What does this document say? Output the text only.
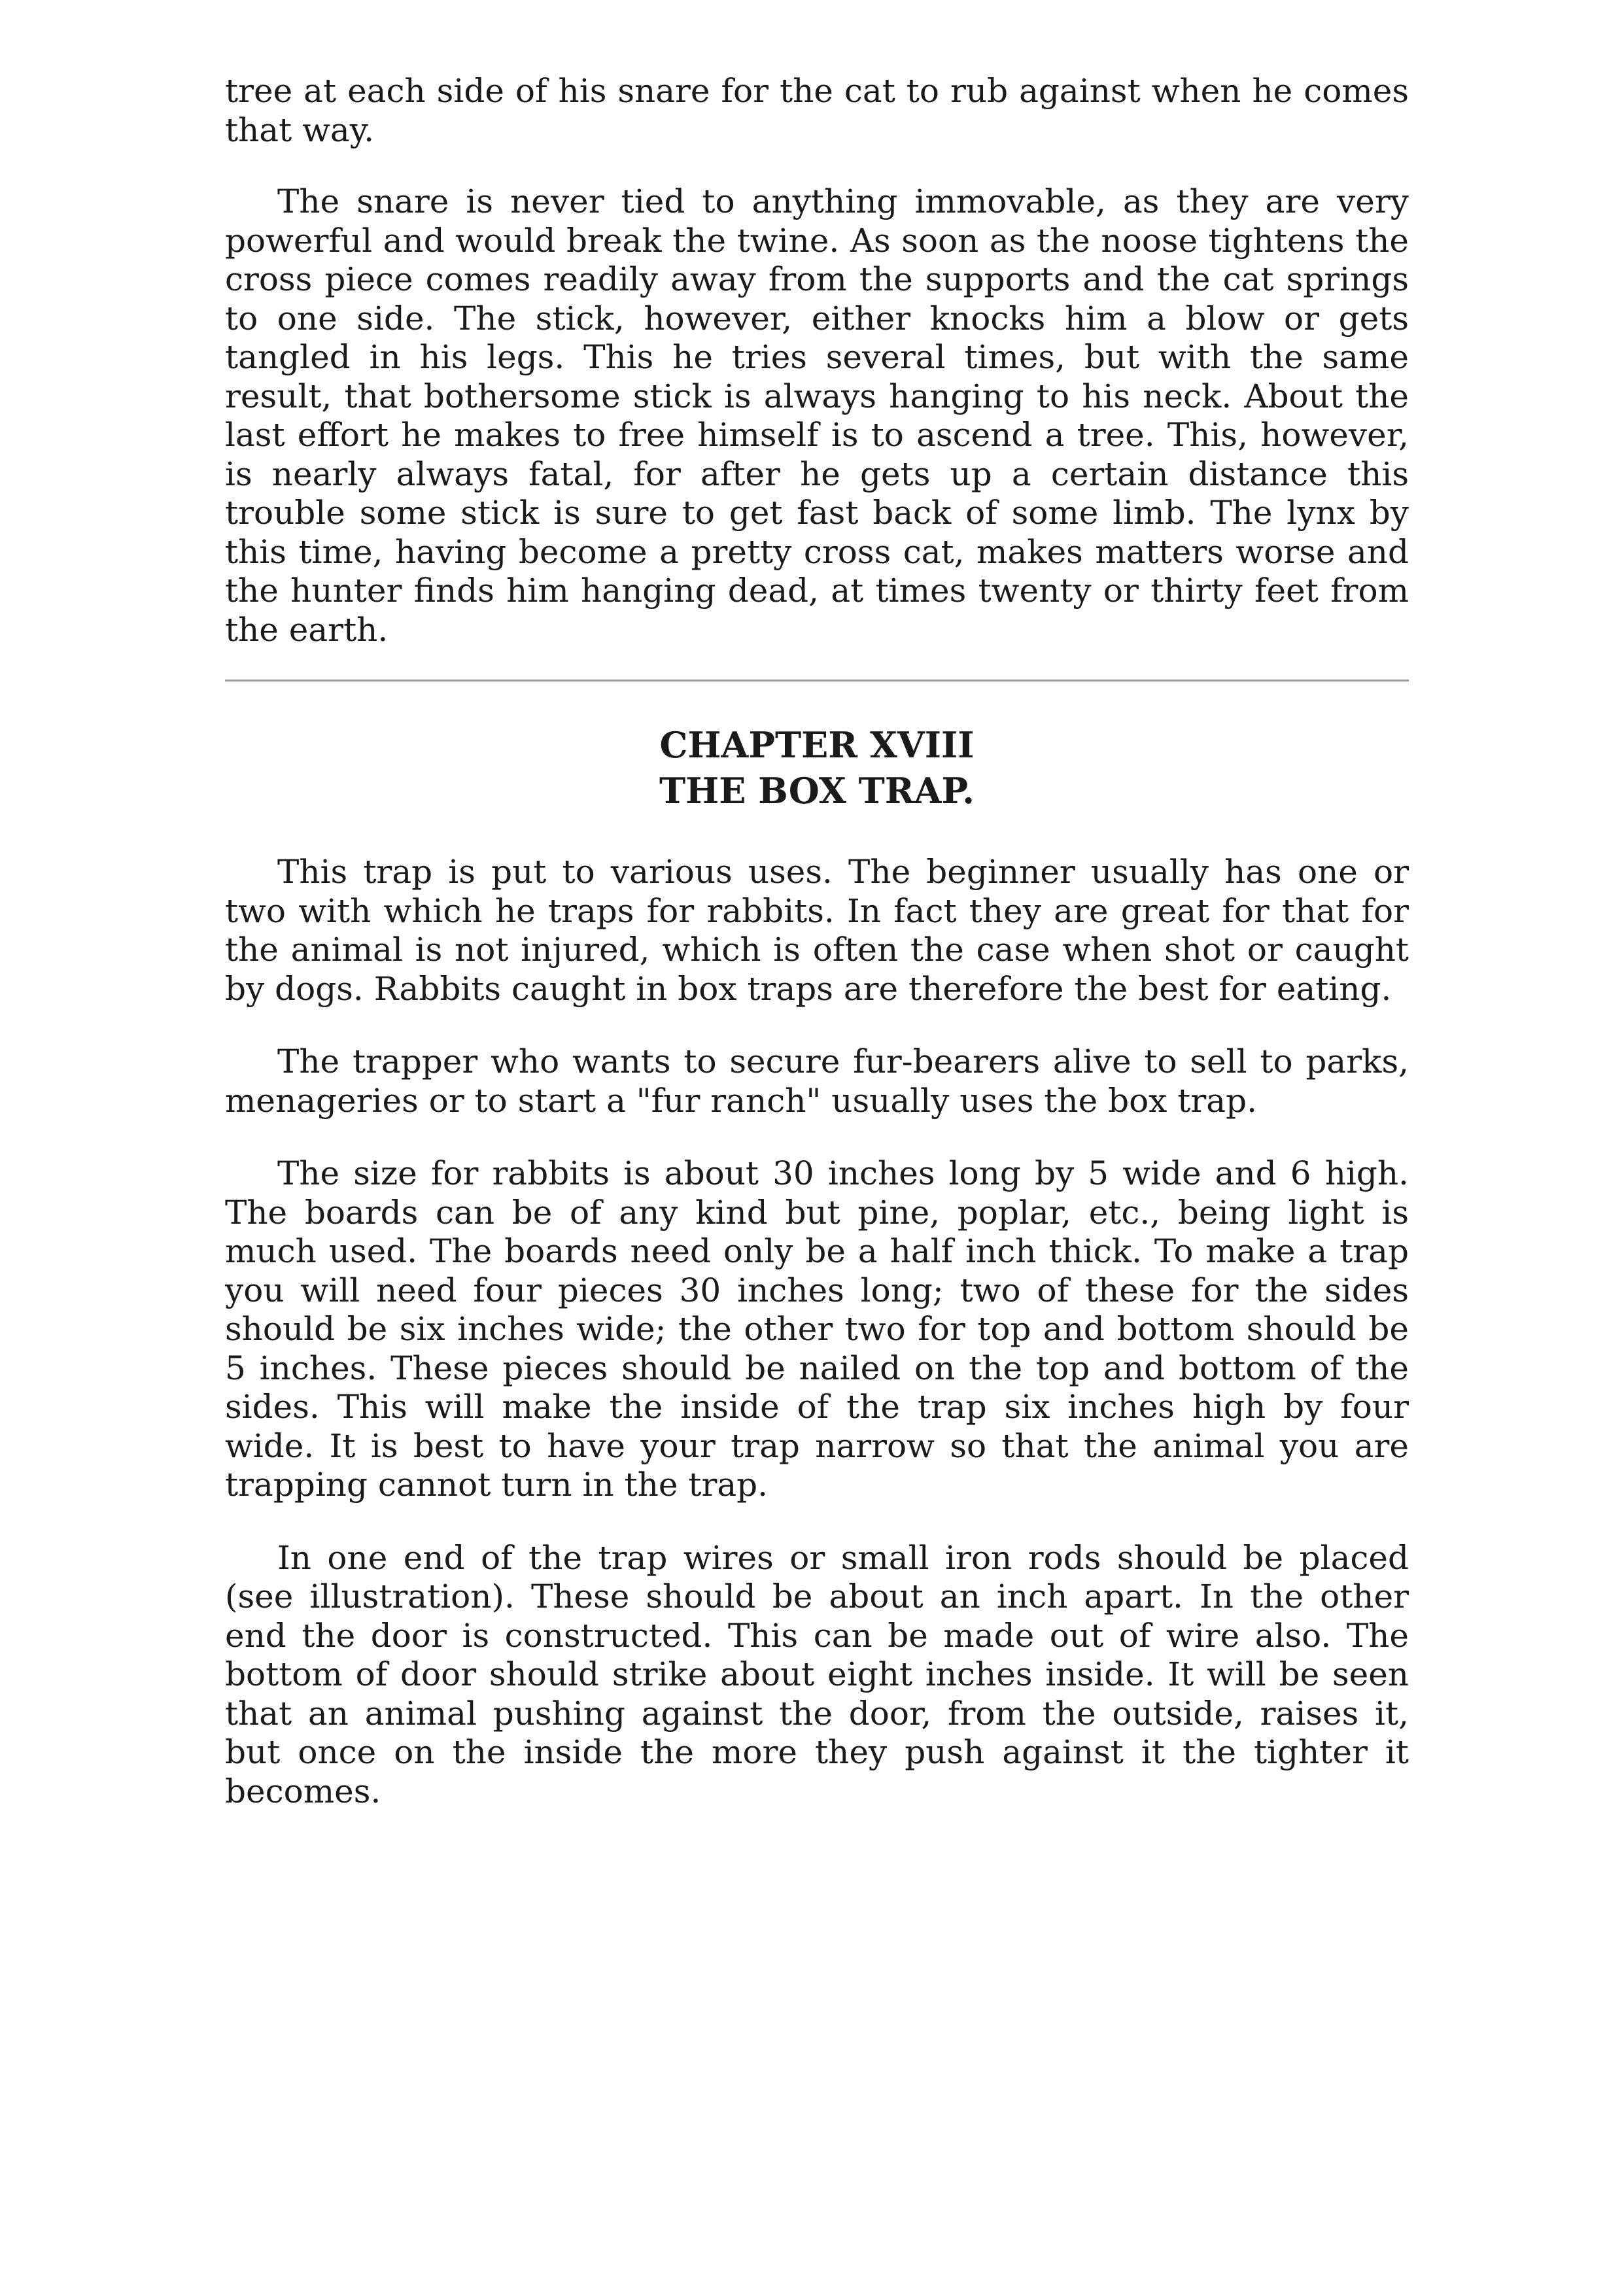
tree at each side of his snare for the cat to rub against when he comes that way.

The snare is never tied to anything immovable, as they are very powerful and would break the twine. As soon as the noose tightens the cross piece comes readily away from the supports and the cat springs to one side. The stick, however, either knocks him a blow or gets tangled in his legs. This he tries several times, but with the same result, that bothersome stick is always hanging to his neck. About the last effort he makes to free himself is to ascend a tree. This, however, is nearly always fatal, for after he gets up a certain distance this trouble some stick is sure to get fast back of some limb. The lynx by this time, having become a pretty cross cat, makes matters worse and the hunter finds him hanging dead, at times twenty or thirty feet from the earth.

CHAPTER XVIII
THE BOX TRAP.

This trap is put to various uses. The beginner usually has one or two with which he traps for rabbits. In fact they are great for that for the animal is not injured, which is often the case when shot or caught by dogs. Rabbits caught in box traps are therefore the best for eating.

The trapper who wants to secure fur-bearers alive to sell to parks, menageries or to start a "fur ranch" usually uses the box trap.

The size for rabbits is about 30 inches long by 5 wide and 6 high. The boards can be of any kind but pine, poplar, etc., being light is much used. The boards need only be a half inch thick. To make a trap you will need four pieces 30 inches long; two of these for the sides should be six inches wide; the other two for top and bottom should be 5 inches. These pieces should be nailed on the top and bottom of the sides. This will make the inside of the trap six inches high by four wide. It is best to have your trap narrow so that the animal you are trapping cannot turn in the trap.

In one end of the trap wires or small iron rods should be placed (see illustration). These should be about an inch apart. In the other end the door is constructed. This can be made out of wire also. The bottom of door should strike about eight inches inside. It will be seen that an animal pushing against the door, from the outside, raises it, but once on the inside the more they push against it the tighter it becomes.
